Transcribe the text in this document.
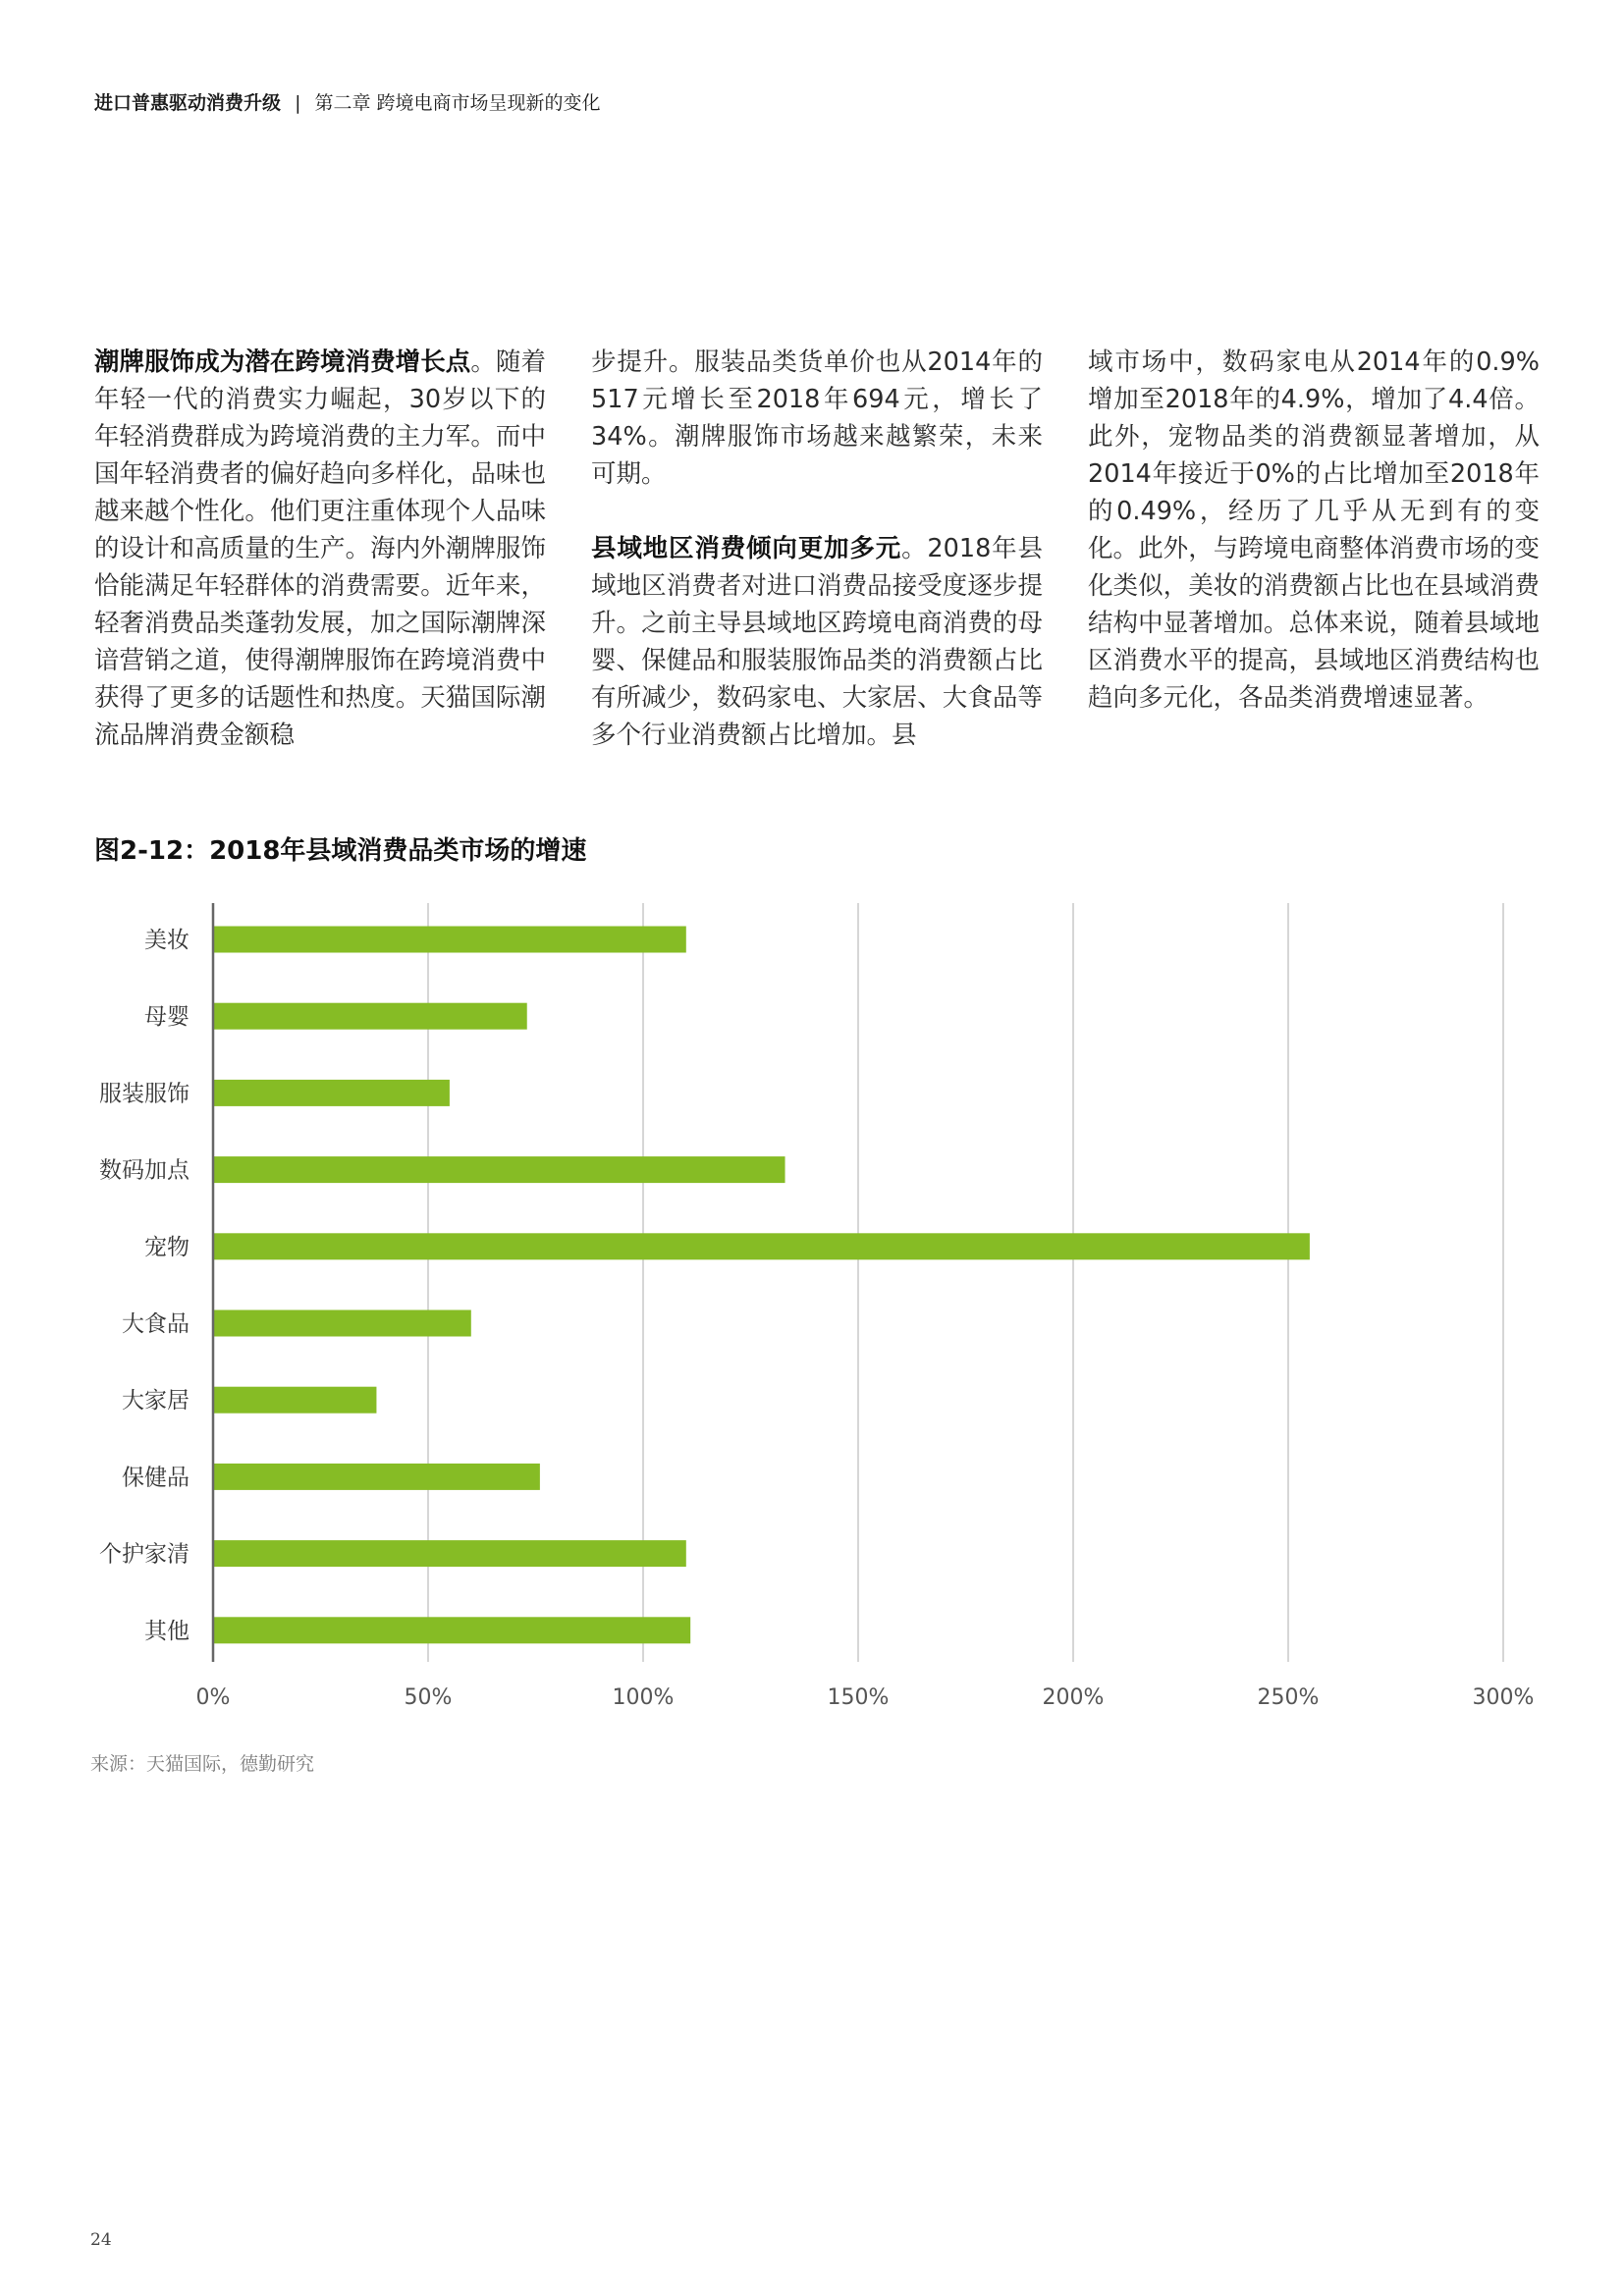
进口普惠驱动消费升级 | 第二章 跨境电商市场呈现新的变化

潮牌服饰成为潜在跨境消费增长点。随着年轻一代的消费实力崛起，30岁以下的年轻消费群成为跨境消费的主力军。而中国年轻消费者的偏好趋向多样化，品味也越来越个性化。他们更注重体现个人品味的设计和高质量的生产。海内外潮牌服饰恰能满足年轻群体的消费需要。近年来，轻奢消费品类蓬勃发展，加之国际潮牌深谙营销之道，使得潮牌服饰在跨境消费中获得了更多的话题性和热度。天猫国际潮流品牌消费金额稳

步提升。服装品类货单价也从2014年的517元增长至2018年694元，增长了34%。潮牌服饰市场越来越繁荣，未来可期。

县域地区消费倾向更加多元。2018年县域地区消费者对进口消费品接受度逐步提升。之前主导县域地区跨境电商消费的母婴、保健品和服装服饰品类的消费额占比有所减少，数码家电、大家居、大食品等多个行业消费额占比增加。县

域市场中，数码家电从2014年的0.9%增加至2018年的4.9%，增加了4.4倍。此外，宠物品类的消费额显著增加，从2014年接近于0%的占比增加至2018年的0.49%，经历了几乎从无到有的变化。此外，与跨境电商整体消费市场的变化类似，美妆的消费额占比也在县域消费结构中显著增加。总体来说，随着县域地区消费水平的提高，县域地区消费结构也趋向多元化，各品类消费增速显著。

图2-12：2018年县域消费品类市场的增速
美妆
母婴
服装服饰
数码加点
宠物
大食品
大家居
保健品
个护家清
其他
0%	50%	100%	150%	200%	250%	300%
来源：天猫国际，德勤研究
24
